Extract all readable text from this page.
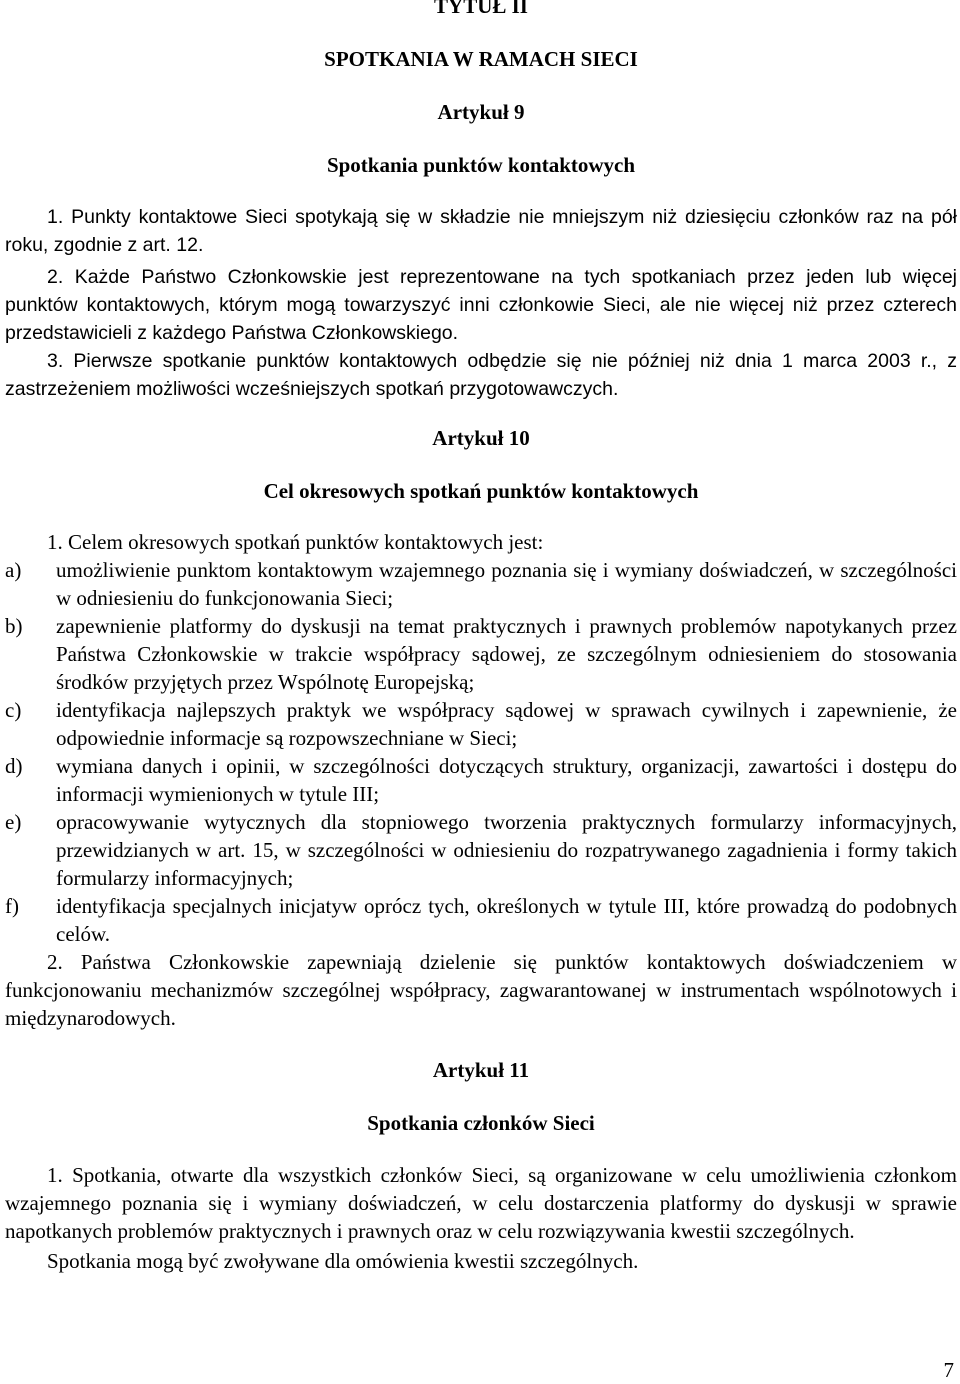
TYTUŁ II

SPOTKANIA W RAMACH SIECI

Artykuł 9

Spotkania punktów kontaktowych

1. Punkty kontaktowe Sieci spotykają się w składzie nie mniejszym niż dziesięciu członków raz na pół roku, zgodnie z art. 12.

2. Każde Państwo Członkowskie jest reprezentowane na tych spotkaniach przez jeden lub więcej punktów kontaktowych, którym mogą towarzyszyć inni członkowie Sieci, ale nie więcej niż przez czterech przedstawicieli z każdego Państwa Członkowskiego.

3. Pierwsze spotkanie punktów kontaktowych odbędzie się nie później niż dnia 1 marca 2003 r., z zastrzeżeniem możliwości wcześniejszych spotkań przygotowawczych.

Artykuł 10

Cel okresowych spotkań punktów kontaktowych

1. Celem okresowych spotkań punktów kontaktowych jest:

a) umożliwienie punktom kontaktowym wzajemnego poznania się i wymiany doświadczeń, w szczególności w odniesieniu do funkcjonowania Sieci;
b) zapewnienie platformy do dyskusji na temat praktycznych i prawnych problemów napotykanych przez Państwa Członkowskie w trakcie współpracy sądowej, ze szczególnym odniesieniem do stosowania środków przyjętych przez Wspólnotę Europejską;
c) identyfikacja najlepszych praktyk we współpracy sądowej w sprawach cywilnych i zapewnienie, że odpowiednie informacje są rozpowszechniane w Sieci;
d) wymiana danych i opinii, w szczególności dotyczących struktury, organizacji, zawartości i dostępu do informacji wymienionych w tytule III;
e) opracowywanie wytycznych dla stopniowego tworzenia praktycznych formularzy informacyjnych, przewidzianych w art. 15, w szczególności w odniesieniu do rozpatrywanego zagadnienia i formy takich formularzy informacyjnych;
f) identyfikacja specjalnych inicjatyw oprócz tych, określonych w tytule III, które prowadzą do podobnych celów.

2. Państwa Członkowskie zapewniają dzielenie się punktów kontaktowych doświadczeniem w funkcjonowaniu mechanizmów szczególnej współpracy, zagwarantowanej w instrumentach wspólnotowych i międzynarodowych.

Artykuł 11

Spotkania członków Sieci

1. Spotkania, otwarte dla wszystkich członków Sieci, są organizowane w celu umożliwienia członkom wzajemnego poznania się i wymiany doświadczeń, w celu dostarczenia platformy do dyskusji w sprawie napotkanych problemów praktycznych i prawnych oraz w celu rozwiązywania kwestii szczególnych.

Spotkania mogą być zwoływane dla omówienia kwestii szczególnych.

7
